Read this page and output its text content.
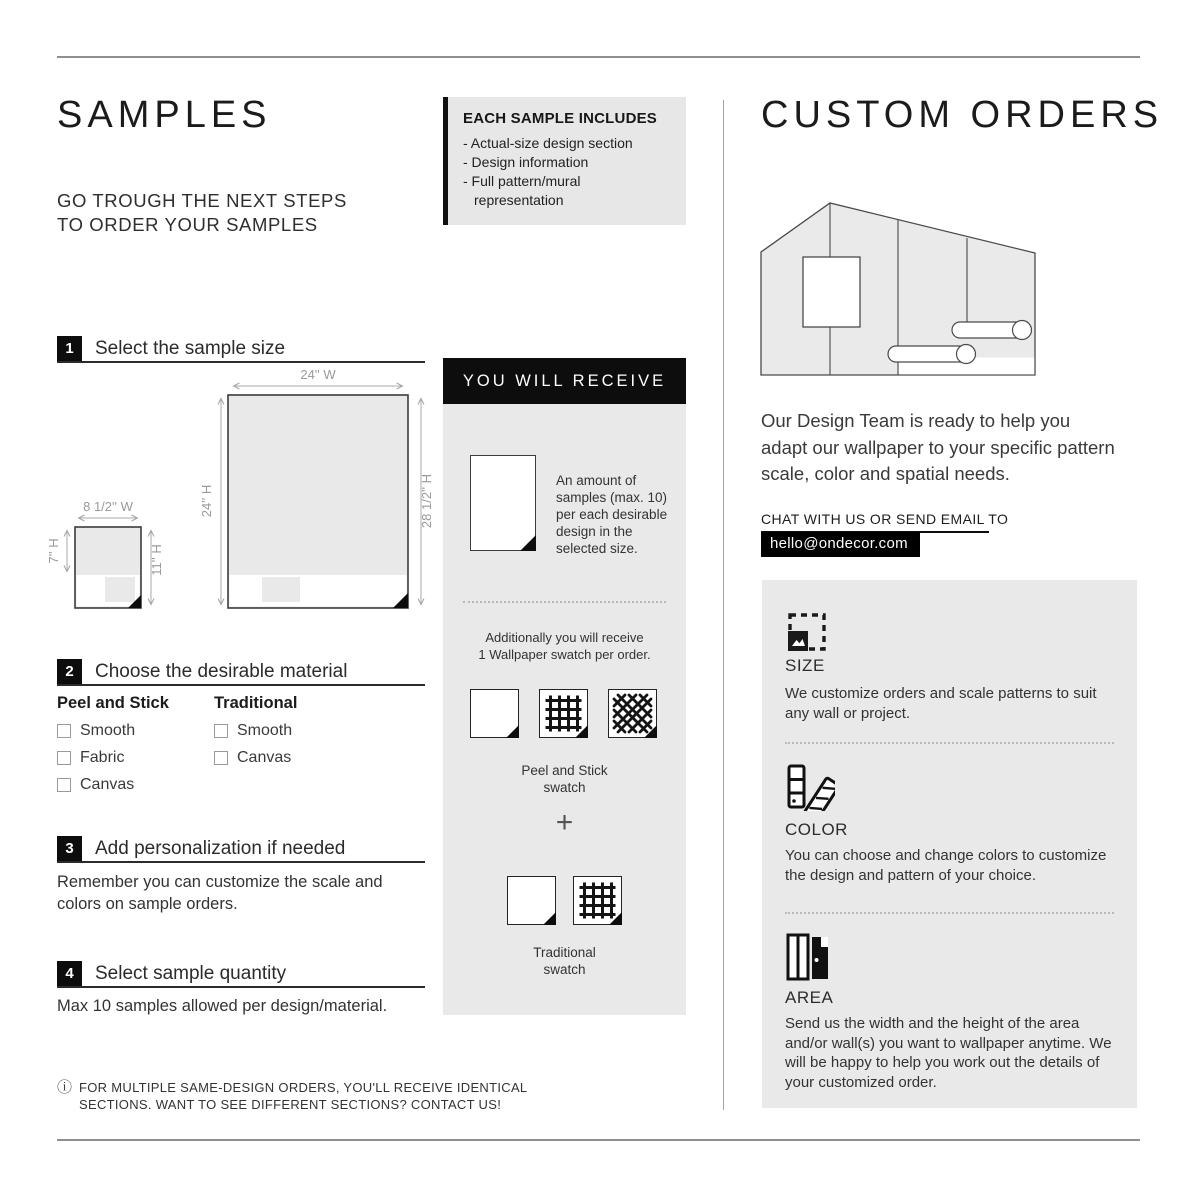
SAMPLES
GO TROUGH THE NEXT STEPS
TO ORDER YOUR SAMPLES
EACH SAMPLE INCLUDES
- Actual-size design section
- Design information
- Full pattern/mural representation
1	Select the sample size
2	Choose the desirable material
3	Add personalization if needed
4	Select sample quantity
24'' W
24'' H	28 1/2'' H
8 1/2'' W
7'' H	11'' H
Peel and Stick
Smooth
Fabric
Canvas
Traditional
Smooth
Canvas
Remember you can customize the scale and colors on sample orders.
Max 10 samples allowed per design/material.
ⓘ FOR MULTIPLE SAME-DESIGN ORDERS, YOU'LL RECEIVE IDENTICAL
SECTIONS. WANT TO SEE DIFFERENT SECTIONS? CONTACT US!
YOU WILL RECEIVE
An amount of samples (max. 10) per each desirable design in the selected size.
Additionally you will receive
1 Wallpaper swatch per order.
Peel and Stick
swatch
+
Traditional
swatch
CUSTOM ORDERS
Our Design Team is ready to help you adapt our wallpaper to your specific pattern scale, color and spatial needs.
CHAT WITH US OR SEND EMAIL TO
hello@ondecor.com
SIZE
We customize orders and scale patterns to suit any wall or project.
COLOR
You can choose and change colors to customize the design and pattern of your choice.
AREA
Send us the width and the height of the area and/or wall(s) you want to wallpaper anytime. We will be happy to help you work out the details of your customized order.
